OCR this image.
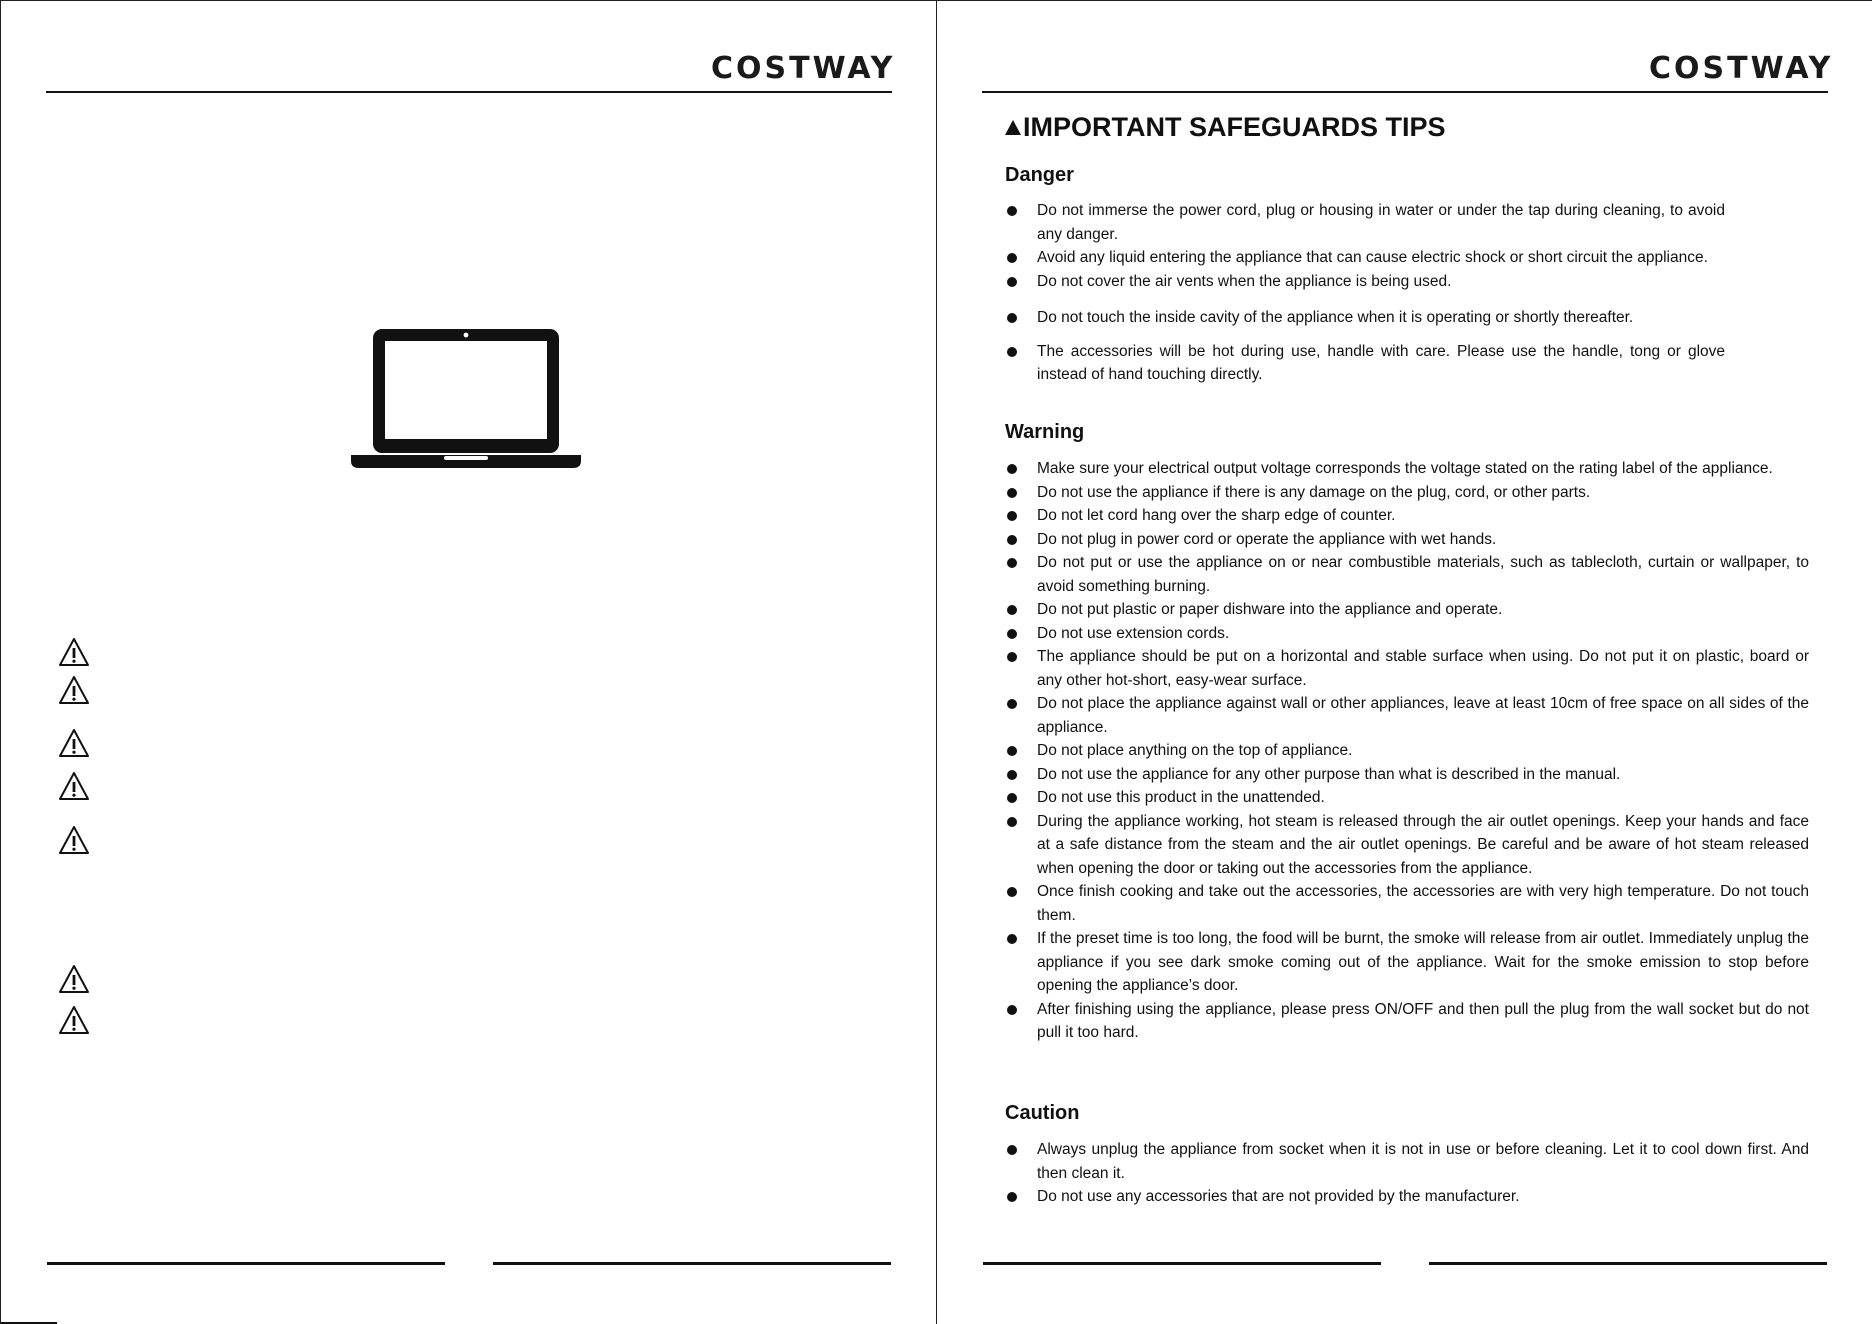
COSTWAY	COSTWAY
IMPORTANT SAFEGUARDS TIPS
Danger
Do not immerse the power cord, plug or housing in water or under the tap during cleaning, to avoid any danger.
Avoid any liquid entering the appliance that can cause electric shock or short circuit the appliance.
Do not cover the air vents when the appliance is being used.
Do not touch the inside cavity of the appliance when it is operating or shortly thereafter.
The accessories will be hot during use, handle with care. Please use the handle, tong or glove instead of hand touching directly.
Warning
Make sure your electrical output voltage corresponds the voltage stated on the rating label of the appliance.
Do not use the appliance if there is any damage on the plug, cord, or other parts.
Do not let cord hang over the sharp edge of counter.
Do not plug in power cord or operate the appliance with wet hands.
Do not put or use the appliance on or near combustible materials, such as tablecloth, curtain or wallpaper, to avoid something burning.
Do not put plastic or paper dishware into the appliance and operate.
Do not use extension cords.
The appliance should be put on a horizontal and stable surface when using. Do not put it on plastic, board or any other hot-short, easy-wear surface.
Do not place the appliance against wall or other appliances, leave at least 10cm of free space on all sides of the appliance.
Do not place anything on the top of appliance.
Do not use the appliance for any other purpose than what is described in the manual.
Do not use this product in the unattended.
During the appliance working, hot steam is released through the air outlet openings. Keep your hands and face at a safe distance from the steam and the air outlet openings. Be careful and be aware of hot steam released when opening the door or taking out the accessories from the appliance.
Once finish cooking and take out the accessories, the accessories are with very high temperature. Do not touch them.
If the preset time is too long, the food will be burnt, the smoke will release from air outlet. Immediately unplug the appliance if you see dark smoke coming out of the appliance. Wait for the smoke emission to stop before opening the appliance’s door.
After finishing using the appliance, please press ON/OFF and then pull the plug from the wall socket but do not pull it too hard.
Caution
Always unplug the appliance from socket when it is not in use or before cleaning. Let it to cool down first. And then clean it.
Do not use any accessories that are not provided by the manufacturer.
